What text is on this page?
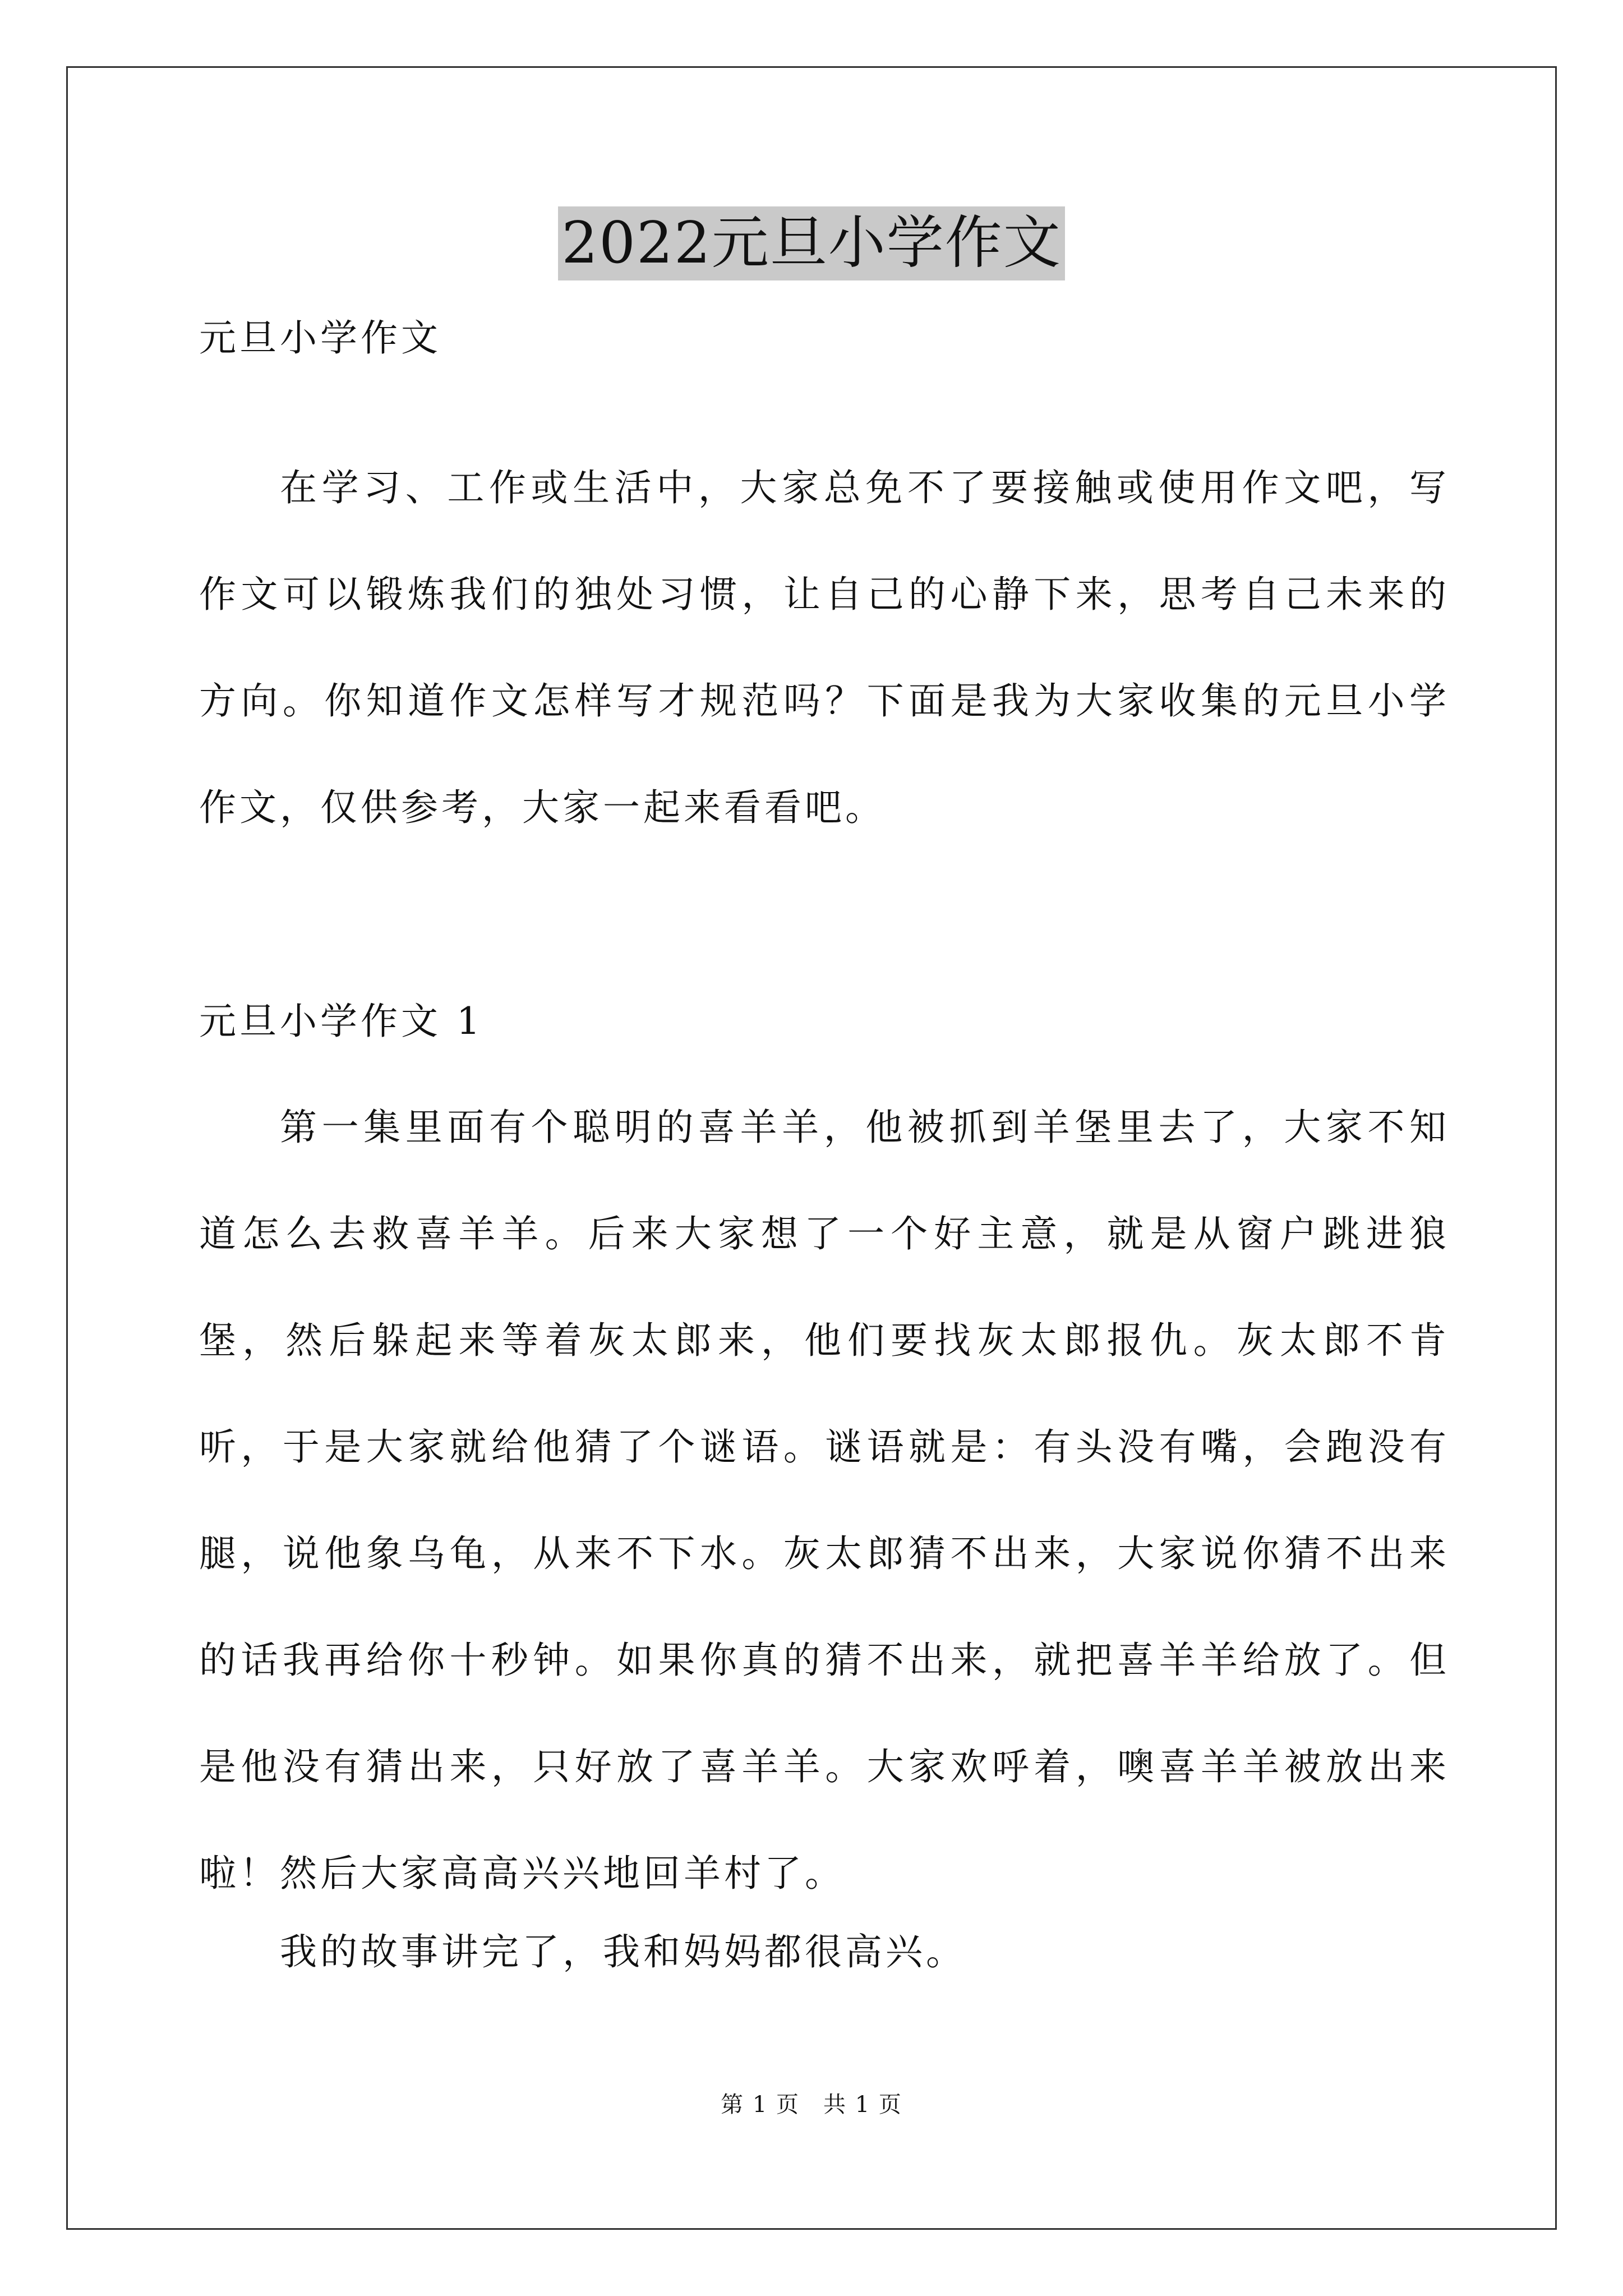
2022元旦小学作文
元旦小学作文
在学习、工作或生活中，大家总免不了要接触或使用作文吧，写作文可以锻炼我们的独处习惯，让自己的心静下来，思考自己未来的方向。你知道作文怎样写才规范吗？下面是我为大家收集的元旦小学作文，仅供参考，大家一起来看看吧。
元旦小学作文 1
第一集里面有个聪明的喜羊羊，他被抓到羊堡里去了，大家不知道怎么去救喜羊羊。后来大家想了一个好主意，就是从窗户跳进狼堡，然后躲起来等着灰太郎来，他们要找灰太郎报仇。灰太郎不肯听，于是大家就给他猜了个谜语。谜语就是：有头没有嘴，会跑没有腿，说他象乌龟，从来不下水。灰太郎猜不出来，大家说你猜不出来的话我再给你十秒钟。如果你真的猜不出来，就把喜羊羊给放了。但是他没有猜出来，只好放了喜羊羊。大家欢呼着，噢喜羊羊被放出来啦！然后大家高高兴兴地回羊村了。
我的故事讲完了，我和妈妈都很高兴。
第 1 页　共 1 页
